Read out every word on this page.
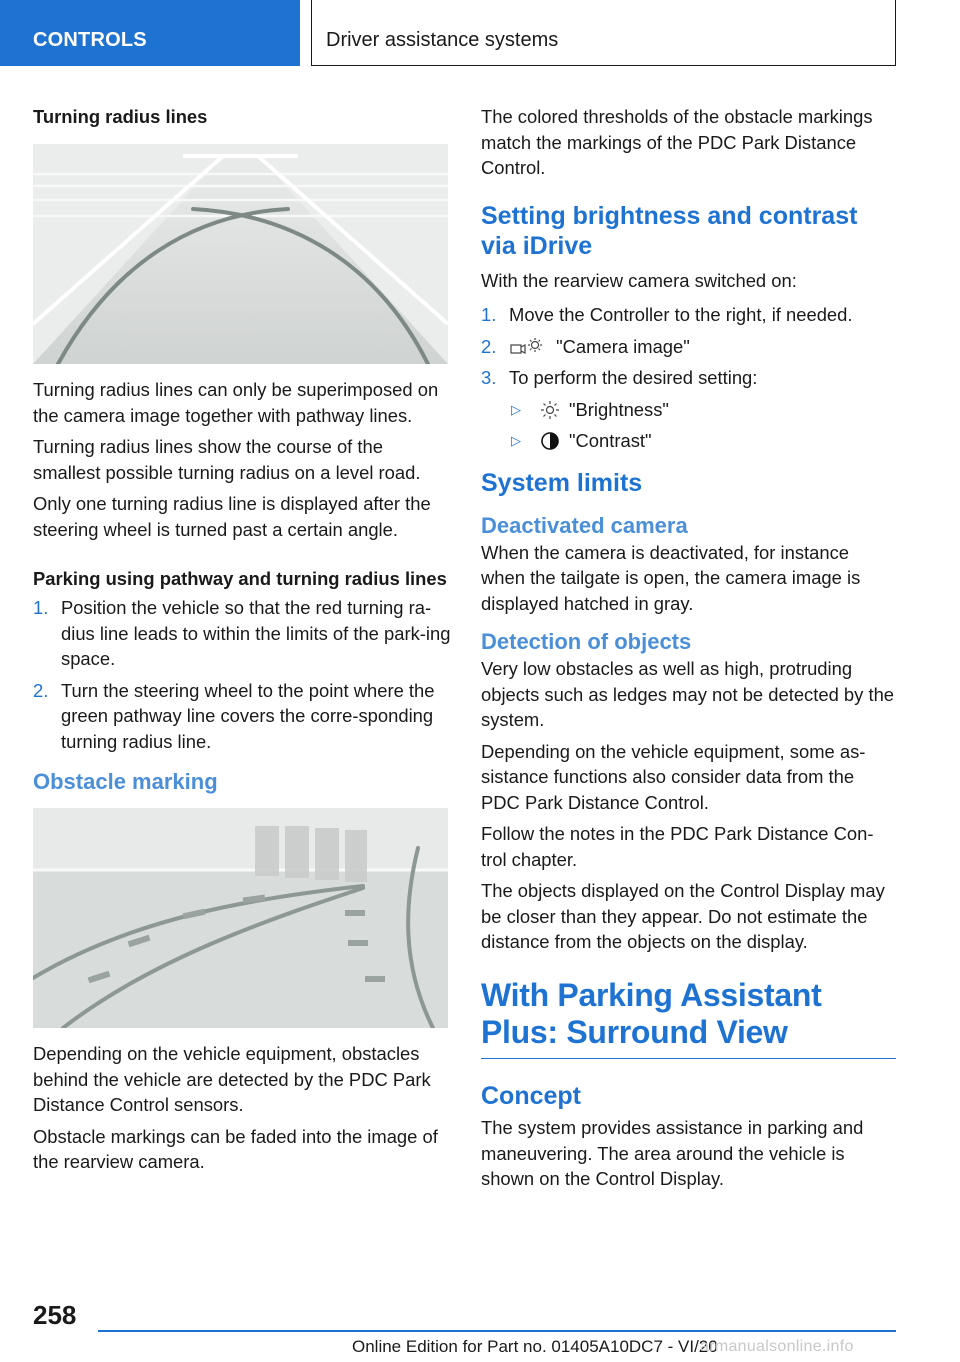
CONTROLS	Driver assistance systems
Turning radius lines

Turning radius lines can only be superimposed on the camera image together with pathway lines.

Turning radius lines show the course of the smallest possible turning radius on a level road.

Only one turning radius line is displayed after the steering wheel is turned past a certain angle.

Parking using pathway and turning radius lines
1. Position the vehicle so that the red turning ra‐dius line leads to within the limits of the park‐ing space.
2. Turn the steering wheel to the point where the green pathway line covers the corre‐sponding turning radius line.
Obstacle marking

Depending on the vehicle equipment, obstacles behind the vehicle are detected by the PDC Park Distance Control sensors.

Obstacle markings can be faded into the image of the rearview camera.

The colored thresholds of the obstacle markings match the markings of the PDC Park Distance Control.

Setting brightness and contrast via iDrive

With the rearview camera switched on:

1. Move the Controller to the right, if needed.
2.	"Camera image"
3. To perform the desired setting:
▷	"Brightness"
▷	"Contrast"
System limits
Deactivated camera

When the camera is deactivated, for instance when the tailgate is open, the camera image is displayed hatched in gray.

Detection of objects

Very low obstacles as well as high, protruding objects such as ledges may not be detected by the system.

Depending on the vehicle equipment, some as‐sistance functions also consider data from the PDC Park Distance Control.

Follow the notes in the PDC Park Distance Con‐trol chapter.

The objects displayed on the Control Display may be closer than they appear. Do not estimate the distance from the objects on the display.

With Parking Assistant Plus: Surround View
Concept

The system provides assistance in parking and maneuvering. The area around the vehicle is shown on the Control Display.

258
Online Edition for Part no. 01405A10DC7 - VI/20
armanualsonline.info
